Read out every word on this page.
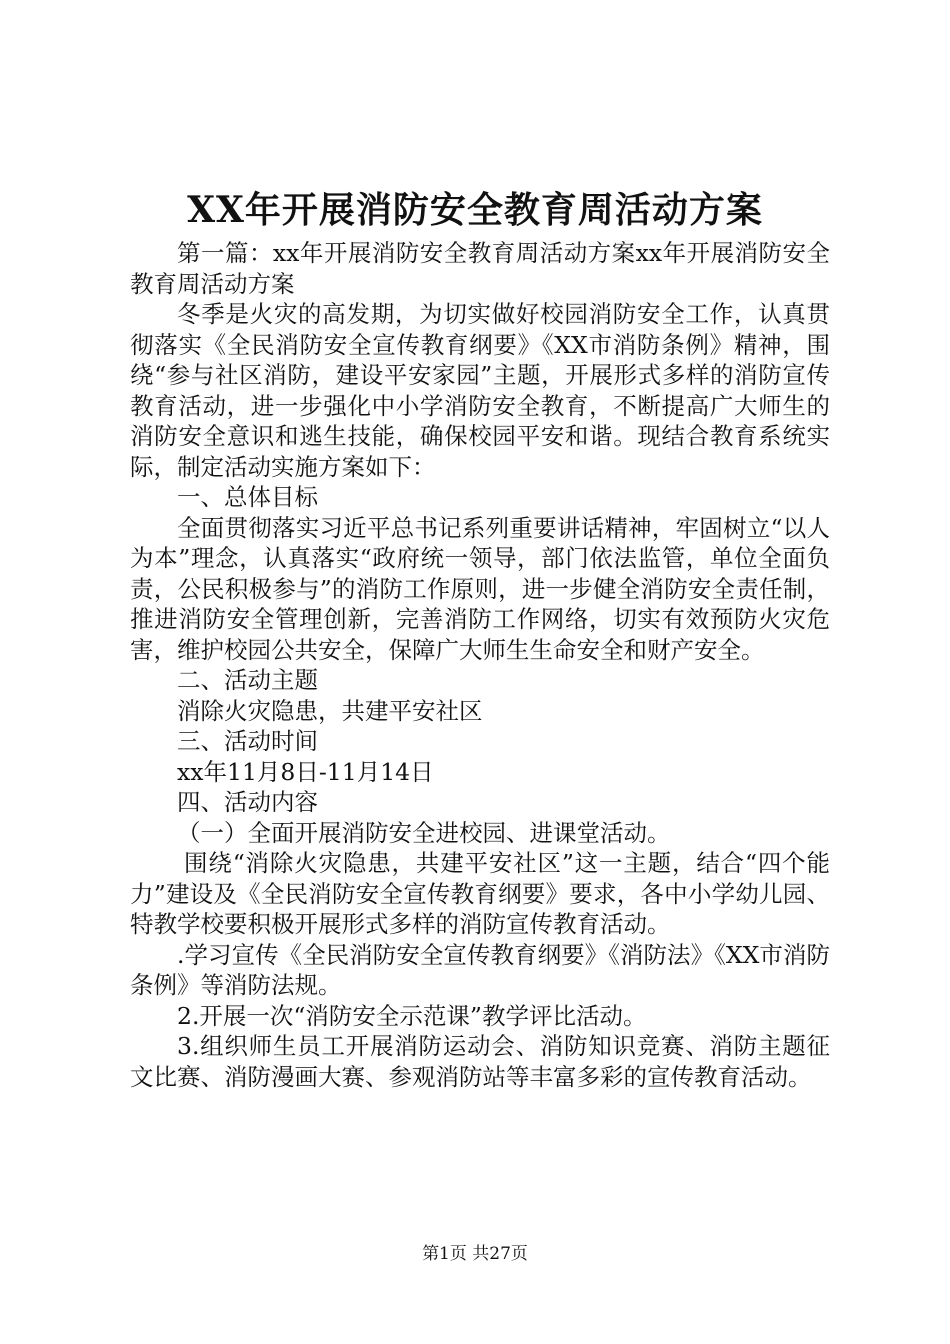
XX年开展消防安全教育周活动方案

第一篇：xx年开展消防安全教育周活动方案xx年开展消防安全教育周活动方案

冬季是火灾的高发期，为切实做好校园消防安全工作，认真贯彻落实《全民消防安全宣传教育纲要》《XX市消防条例》精神，围绕“参与社区消防，建设平安家园”主题，开展形式多样的消防宣传教育活动，进一步强化中小学消防安全教育，不断提高广大师生的消防安全意识和逃生技能，确保校园平安和谐。现结合教育系统实际，制定活动实施方案如下：

一、总体目标

全面贯彻落实习近平总书记系列重要讲话精神，牢固树立“以人为本”理念，认真落实“政府统一领导，部门依法监管，单位全面负责，公民积极参与”的消防工作原则，进一步健全消防安全责任制，推进消防安全管理创新，完善消防工作网络，切实有效预防火灾危害，维护校园公共安全，保障广大师生生命安全和财产安全。

二、活动主题

消除火灾隐患，共建平安社区

三、活动时间

xx年11月8日-11月14日

四、活动内容

（一）全面开展消防安全进校园、进课堂活动。

围绕“消除火灾隐患，共建平安社区”这一主题，结合“四个能力”建设及《全民消防安全宣传教育纲要》要求，各中小学幼儿园、特教学校要积极开展形式多样的消防宣传教育活动。

.学习宣传《全民消防安全宣传教育纲要》《消防法》《XX市消防条例》等消防法规。

2.开展一次“消防安全示范课”教学评比活动。

3.组织师生员工开展消防运动会、消防知识竞赛、消防主题征文比赛、消防漫画大赛、参观消防站等丰富多彩的宣传教育活动。

第1页 共27页
